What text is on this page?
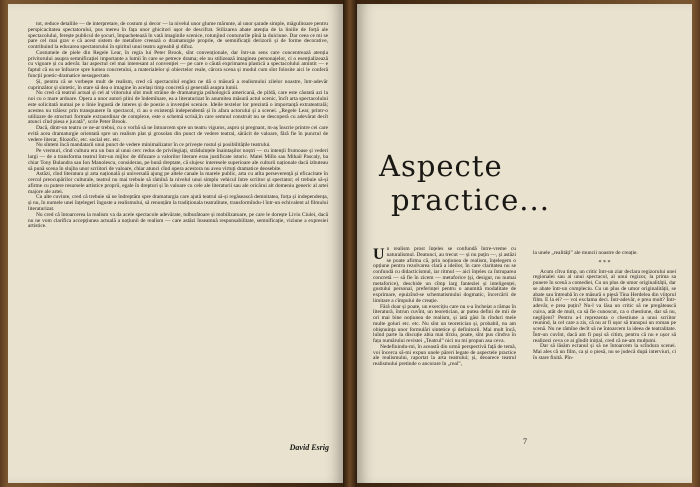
tot, reduce detaliile — de interpretare, de costum și decor — la nivelul unor glume mărunte, al unor șarade simple, măgulitoare pentru perspicacitatea spectatorului, pus mereu în fața unor ghicitori ușor de descifrat. Stilizarea abate atenția de la liniile de forță ale spectacolului, ferește publicul de șocuri, împachetează în vată imaginile scenice, rotunjind contururile pînă la duiciune. Dar ceea ce mi se pare cel mai grav e că acest sistem de metafore creează o dramaturgie proprie, de semnificații derizorii și de forme decorative, contribuind la educarea spectatorului în spiritul unui teatru agreabil și difuz.

Costumele de piele din Regele Lear, în regia lui Peter Brook, sînt convenționale, dar într-un sens care concentrează atenția privitorului asupra semnificației importante a lumii în care se petrece drama; ele nu stilizează imaginea personajelor, ci o esențializează cu vigoare și cu adevăr. Iar aspectul cel mai interesant al convenției — pe care o căută exprimarea plastică a spectacolului amintit — e faptul că ea se înfoarce spre lumea concretului, a materialelor și obiectelor reale, cărora scena și modul cum sînt folosite aici le conferă funcții poetic-dramatice nesușpectate.

Și, pentru că se vorbește mult de realism, cred că spectacolul englez ne dă o măsură a realismului zilelor noastre, într-adevăr cuprinzător și sintetic, în stare să dea o imagine în același timp concretă și generală asupra lumii.

Nu cred că teatrul actual și cel al viitorului sînt mult străine de dramaturgia psihologică americană, de pildă, care este căutată azi la noi cu o mare ardoare. Opera a unor autori plini de îndemînare, ea a literaturizat în anumitea măsură actul scenic, încît arta spectacolului este solicitată numai pe o linie îngustă de interes și de poezie a invenției scenice. Ideile textelor lor prezintă o importanță extrateatrală; acestea nu trăiesc prin transpunere în spectacol, ci au o existență independentă și în afara actorului și a scenei. „Regele Lear, printr-o utilizare de structuri formale extraordinar de complexe, este o schemă scrisă,în care semnul construit nu se descoperă cu adevărat decît atunci cînd piesa e jucată”, scrie Peter Brook.

Dacă, dintr-un teatru ce ne-ar trebui, cu o vorbă să ne întoarcem spre un teatru viguros, aspru și pregnant, m-aș înscrie printre cei care evită acea dramaturgie orientată spre un realism plat și grosolan din punct de vedere teatral, sărăcit de valoare, fără fie în punctul de vedere literar, filozofic, etc. social etc. etc.

Nu sîntem încă mandatarii unui punct de vedere minimalizator în ce privește rostul și posibilitățile teatrului.

Pe vremuri, cînd cultura era un bun al unui cerc redus de privilegiați, străduințele înaintașilor noștri — cu intenții frumoase și vederi largi — de a transforma teatrul într-un mijloc de difuzare a valorilor literare erau justificate istoric. Matei Millo sau Mihail Pascaly, ba chiar Tony Bulandra sau Ion Manolescu, considerau, pe bună dreptate, că slujesc interesele superioare ale culturii naționale dacă izbuteau să pună scena în slujba unor scriitori de valoare, chiar atunci cînd opera acestora nu avea virtuți dramatice deosebite.

Astăzi, cînd literatura și arta națională și universală ajung pe altele canale la marele public, arta cu atîta perseverență și eficacitate în cercul preocupărilor culturale, teatrul nu mai trebuie să rămînă la nivelul unui simplu vehicul între scriitor și spectator; el trebuie să-și afirme cu putere resursele artistice proprii, egale în drepturi și în valoare cu cele ale literaturii sau ale oricărui alt domeniu generic al artei majore ale artei.

Cu alte cuvinte, cred că trebuie să ne îndreptăm spre dramaturgia care ajută teatrul să-și regăsească demnitatea, forța și independența, și nu, în numele unei înțelegeri înguste a realismului, să renunțăm la tradiționala teatralitate, transformîndu-l într-un echivalent al filmului literaturizat.

Nu cred că întoarcerea la realism va da acele spectacole adevărate, tulburătoare și mobilizatoare, pe care le dorește Liviu Ciulei, dacă nu ne vom clarifica accepțiunea actuală a noțiunii de realism — care astăzi înseamnă responsabilitate, semnificație, viziune a expresiei artistice.

David Esrig
Aspecte
practice...

Un realism prost înțeles se confundă între-vreme cu naturalismul. Deatunci, au trecut — și nu puțin —, și astăzi se poate afirma că, prin noțiunea de realism, înțelegem o opțiune pentru rezolvarea clară a ideilor, în care claritatea nu se confundă cu didacticismul, iar ritmul — aici înțeles ca întruparea concretă — să fie în zicem — metaforice (și, desigur, nu numai metaforice), deschide un cîmp larg fanteziei și inteligenței, gustului personal, preferinței pentru o anumită modalitate de exprimare, epuizînd-se schematismului dogmatic, încercării de limitare a cîmpului de creație.

Fără doar și poate, un exercițiu care nu s-a încheiat a rămas în literatură, întrun cuvînt, un teoretician, ar putea defini de mii de ori mai bine noțiunea de realism, și iată găsi în rînduri mele multe goluri etc. etc. Nu sînt un teoretician și, probabil, nu am obișnuința unor formulări sintetice și definitorii. Mai mult încă, luînd parte la discuție abia mai tîrziu, poate, sînt pus cîndva în fața numărului revistei „Teatrul” nici nu mi propun asa ceva.

Nedefinindu-mi, în această din urmă perspectivă față de temă, voi încerca să-mi expun unele păreri legate de aspectele practice ale realismului, raportat la arta teatrului; și, deoarece teatrul realismului pretinde o ancorare în „real”,

la unele „realități” ale muncii noastre de creație.

* * *

Acum cîtva timp, un critic într-un ziar declara regizorului unei regionalei sau al unui spectacol, al unui regizor, la prima sa punere în scenă a comediei, Cu un plus de umor originalității, dar se abate într-un compleciu. Cu un plus de umor originalității, se abate sau întreabă în ce măsură o piesă Tina Herdelea din viitorul film. E la ei? — voi exclama deci. Într-adevăr, e prea mult? Într-adevăr, e prea puțin? Nu-l va lăsa un critic să ne pregătească cuiva, atât de mult, ca să fie cunoscut, ca o chestiune, dar să nu, neglijent? Pentru a-l reprezenta o chestiune a unui scriitor reunind, la cel care a zis, că nu ar fi ușor să transpui un roman pe scenă. Nu ne rămîne decît să ne întoarcem la ideea de teatralitate. Într-un cuvînt, dacă am fi puși să citim, pentru că nu e ușor să realizezi ceva ce ai gîndit inițial, cred că ne-am mulțumi.

Dar să lăsăm ecranul și să ne întoarcem la scîndura scenei. Mai ales că un film, ca și o piesă, nu se judecă după interviuri, ci în stare finită. Pîn-

7
